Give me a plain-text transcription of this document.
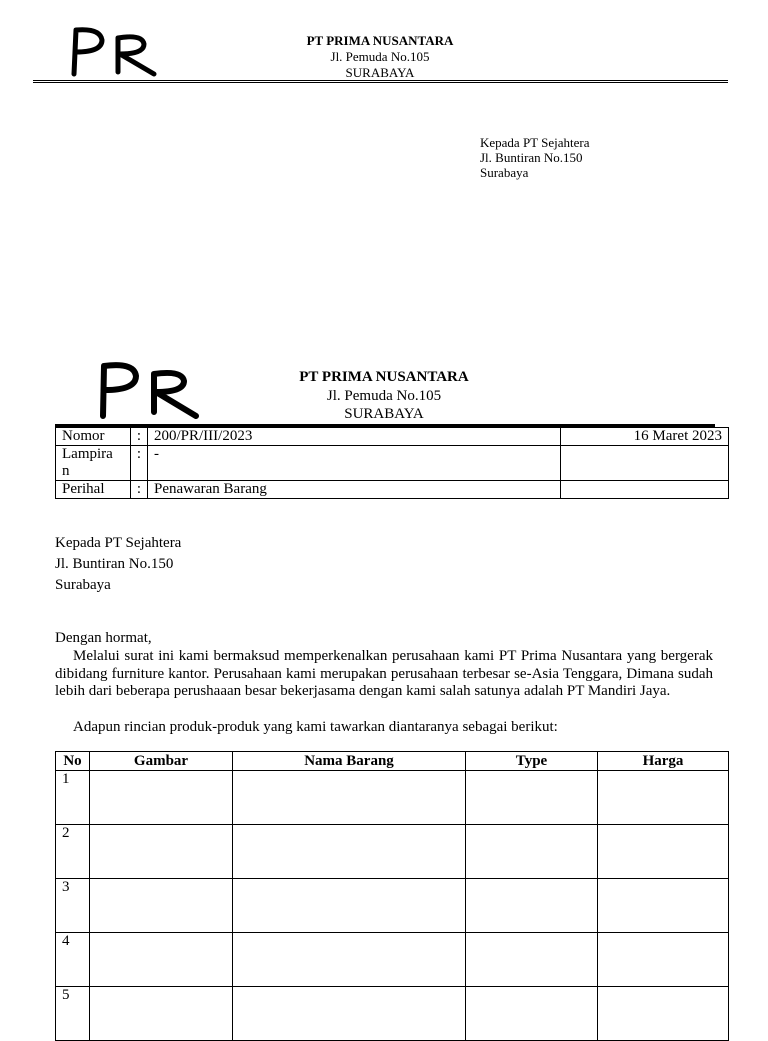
PT PRIMA NUSANTARA
Jl. Pemuda No.105
SURABAYA
Kepada PT Sejahtera
Jl. Buntiran No.150
Surabaya
PT PRIMA NUSANTARA
Jl. Pemuda No.105
SURABAYA
Nomor	:	200/PR/III/2023	16 Maret 2023
Lampira n	:	-	
Perihal	:	Penawaran Barang	
Kepada PT Sejahtera
Jl. Buntiran No.150
Surabaya
Dengan hormat,
Melalui surat ini kami bermaksud memperkenalkan perusahaan kami PT Prima Nusantara yang bergerak dibidang furniture kantor. Perusahaan kami merupakan perusahaan terbesar se-Asia Tenggara, Dimana sudah lebih dari beberapa perushaaan besar bekerjasama dengan kami salah satunya adalah PT Mandiri Jaya.
Adapun rincian produk-produk yang kami tawarkan diantaranya sebagai berikut:
No	Gambar	Nama Barang	Type	Harga
1				
2				
3				
4				
5				
